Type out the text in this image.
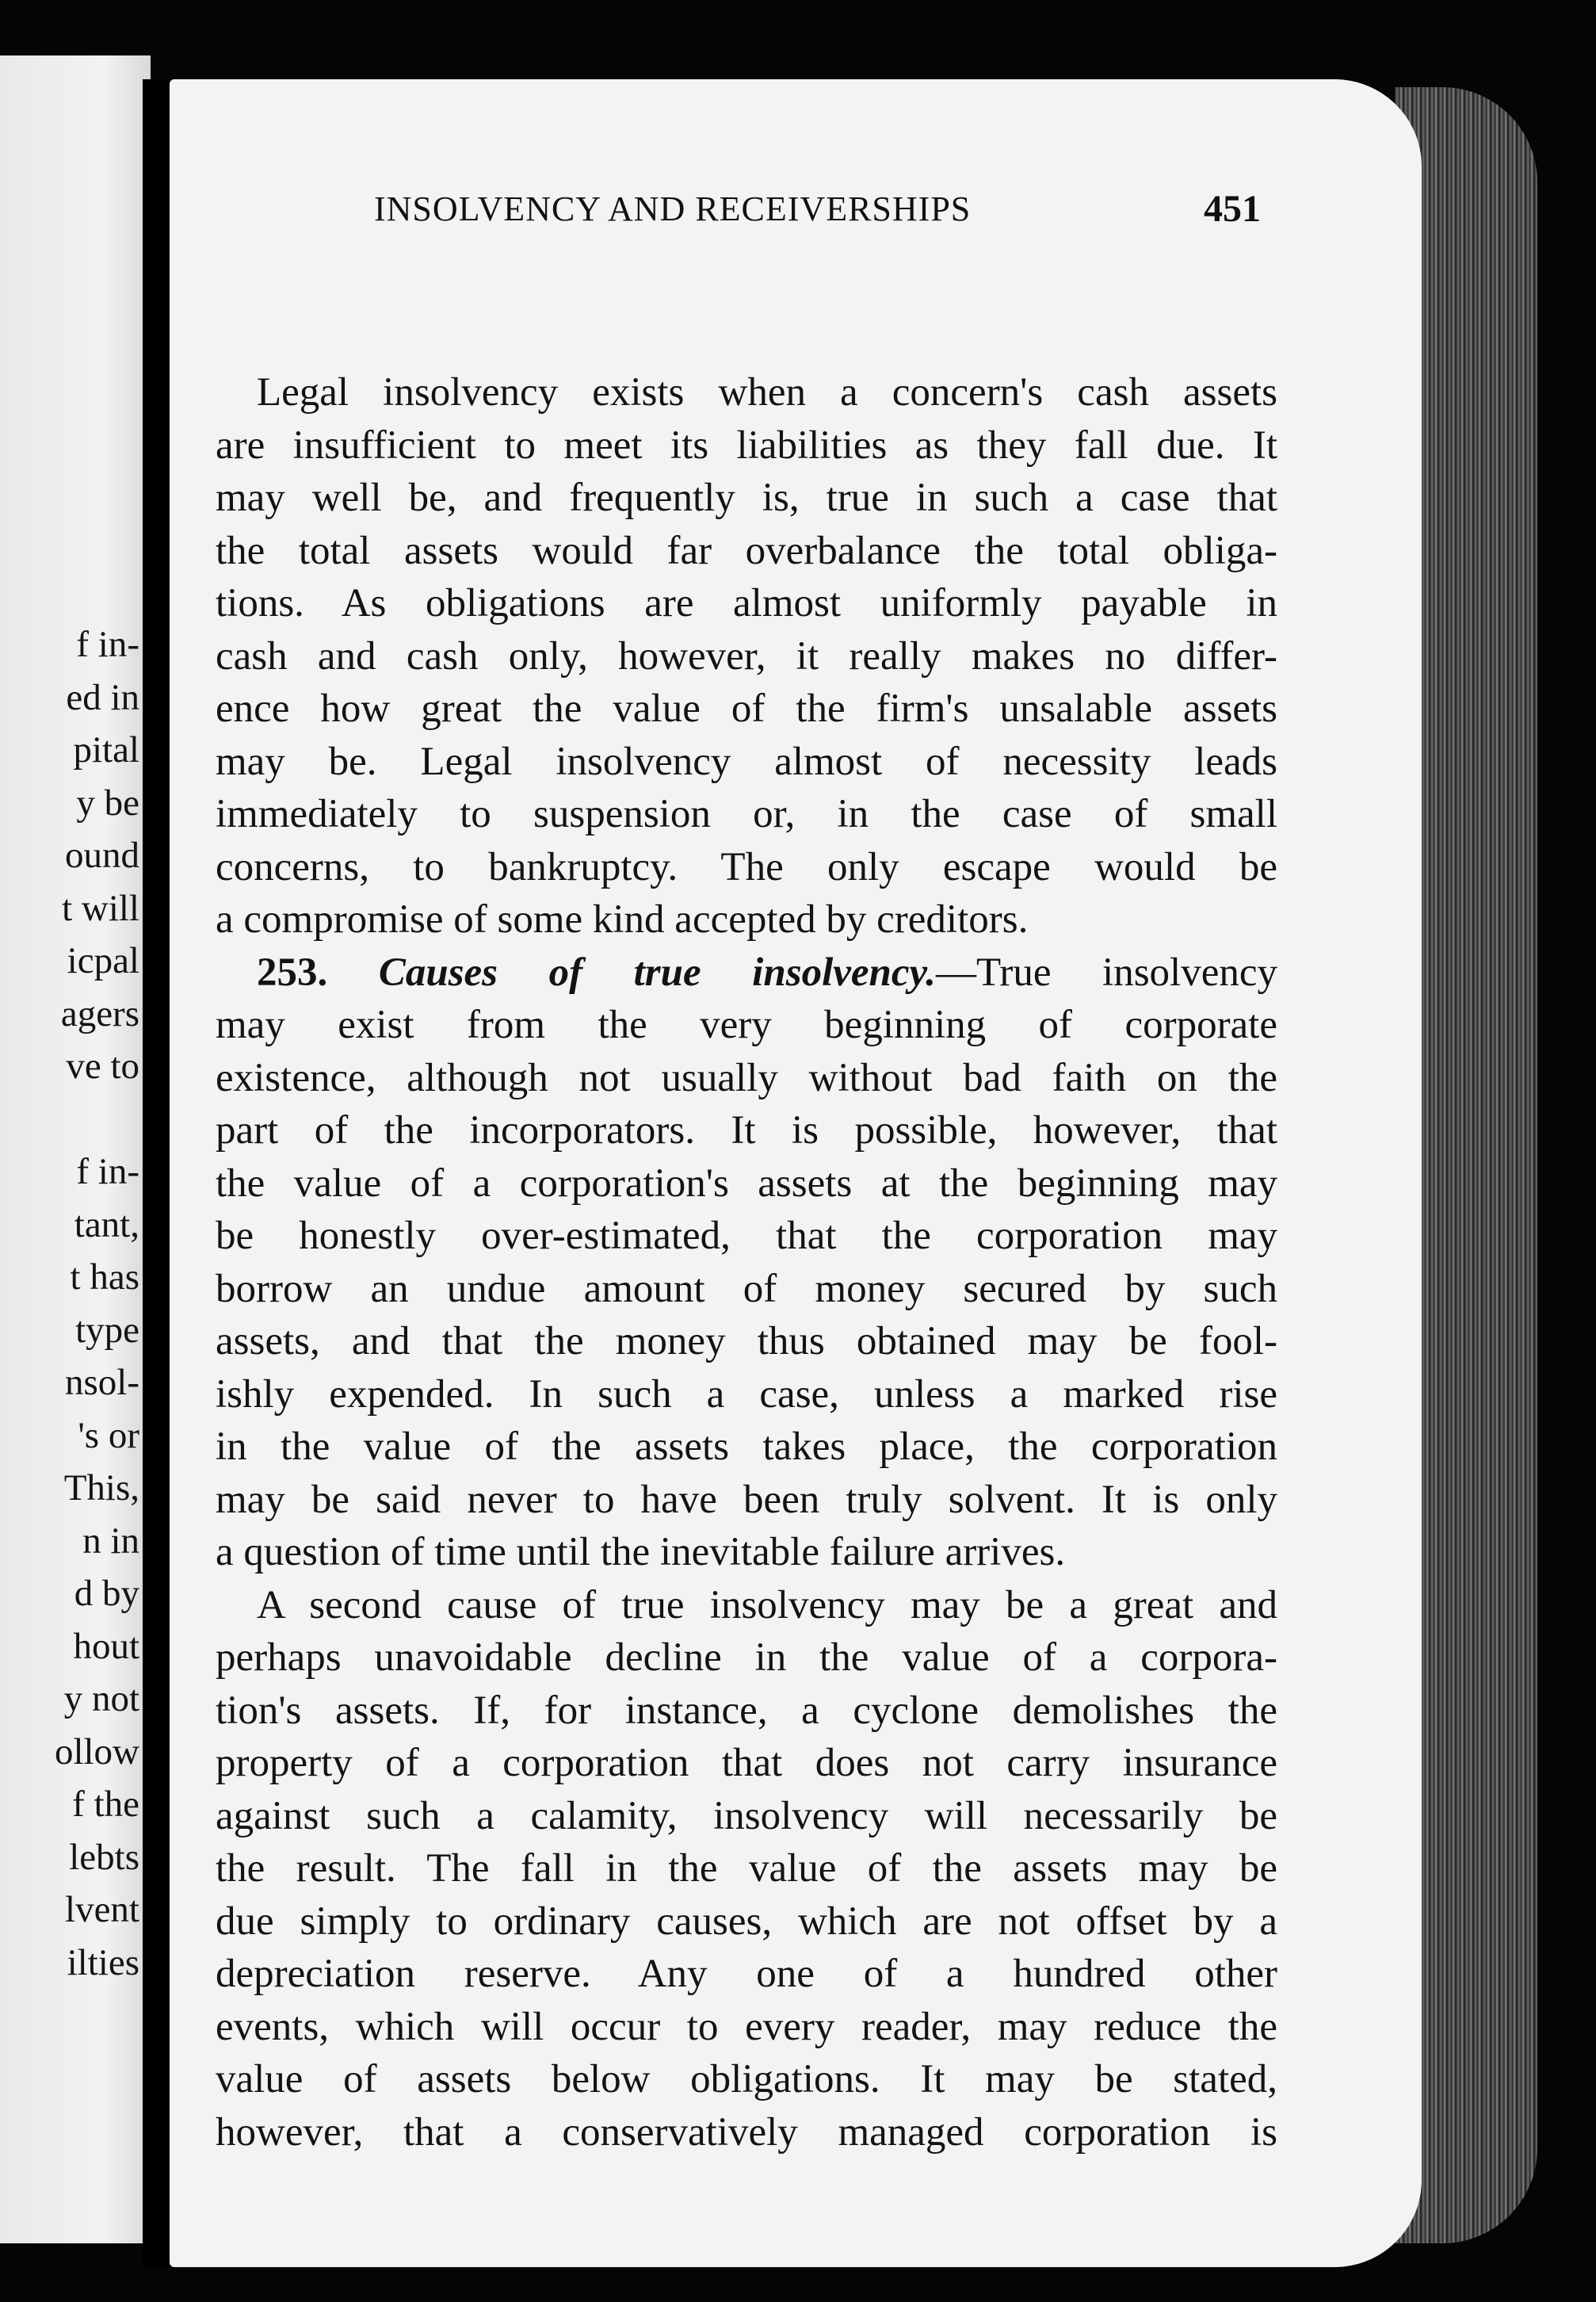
f in-
ed in
pital
y be
ound
t will
icpal
agers
ve to
f in-
tant,
t has
type
nsol-
's or
This,
n in
d by
hout
y not
ollow
f the
lebts
lvent
ilties
INSOLVENCY AND RECEIVERSHIPS	451
Legal insolvency exists when a concern's cash assets
are insufficient to meet its liabilities as they fall due. It
may well be, and frequently is, true in such a case that
the total assets would far overbalance the total obliga-
tions. As obligations are almost uniformly payable in
cash and cash only, however, it really makes no differ-
ence how great the value of the firm's unsalable assets
may be. Legal insolvency almost of necessity leads
immediately to suspension or, in the case of small
concerns, to bankruptcy. The only escape would be
a compromise of some kind accepted by creditors.
253. Causes of true insolvency.—True insolvency
may exist from the very beginning of corporate
existence, although not usually without bad faith on the
part of the incorporators. It is possible, however, that
the value of a corporation's assets at the beginning may
be honestly over-estimated, that the corporation may
borrow an undue amount of money secured by such
assets, and that the money thus obtained may be fool-
ishly expended. In such a case, unless a marked rise
in the value of the assets takes place, the corporation
may be said never to have been truly solvent. It is only
a question of time until the inevitable failure arrives.
A second cause of true insolvency may be a great and
perhaps unavoidable decline in the value of a corpora-
tion's assets. If, for instance, a cyclone demolishes the
property of a corporation that does not carry insurance
against such a calamity, insolvency will necessarily be
the result. The fall in the value of the assets may be
due simply to ordinary causes, which are not offset by a
depreciation reserve. Any one of a hundred other
events, which will occur to every reader, may reduce the
value of assets below obligations. It may be stated,
however, that a conservatively managed corporation is
